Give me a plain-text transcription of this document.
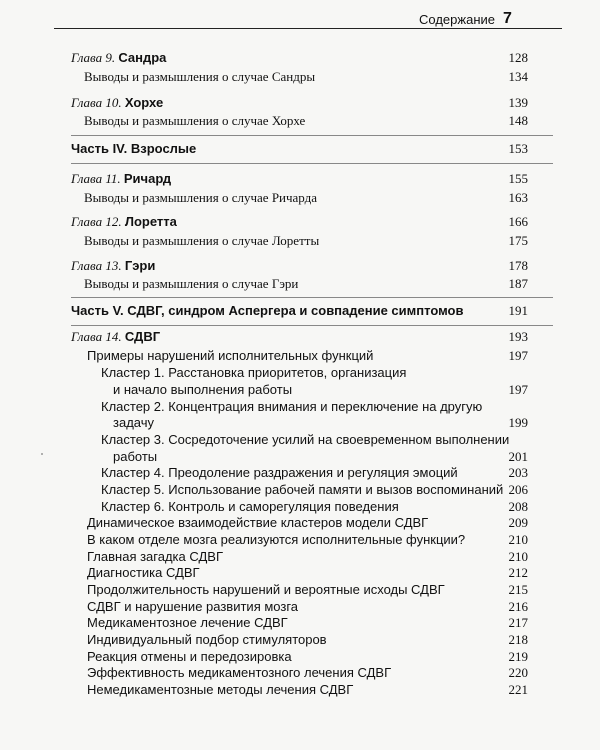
Содержание 7
Глава 9. Сандра	128
Выводы и размышления о случае Сандры	134
Глава 10. Хорхе	139
Выводы и размышления о случае Хорхе	148
Часть IV. Взрослые	153
Глава 11. Ричард	155
Выводы и размышления о случае Ричарда	163
Глава 12. Лоретта	166
Выводы и размышления о случае Лоретты	175
Глава 13. Гэри	178
Выводы и размышления о случае Гэри	187
Часть V. СДВГ, синдром Аспергера и совпадение симптомов	191
Глава 14. СДВГ	193
Примеры нарушений исполнительных функций	197
Кластер 1. Расстановка приоритетов, организация
и начало выполнения работы	197
Кластер 2. Концентрация внимания и переключение на другую
задачу	199
Кластер 3. Сосредоточение усилий на своевременном выполнении
работы	201
Кластер 4. Преодоление раздражения и регуляция эмоций	203
Кластер 5. Использование рабочей памяти и вызов воспоминаний 206
Кластер 6. Контроль и саморегуляция поведения	208
Динамическое взаимодействие кластеров модели СДВГ	209
В каком отделе мозга реализуются исполнительные функции?	210
Главная загадка СДВГ	210
Диагностика СДВГ	212
Продолжительность нарушений и вероятные исходы СДВГ	215
СДВГ и нарушение развития мозга	216
Медикаментозное лечение СДВГ	217
Индивидуальный подбор стимуляторов	218
Реакция отмены и передозировка	219
Эффективность медикаментозного лечения СДВГ	220
Немедикаментозные методы лечения СДВГ	221
